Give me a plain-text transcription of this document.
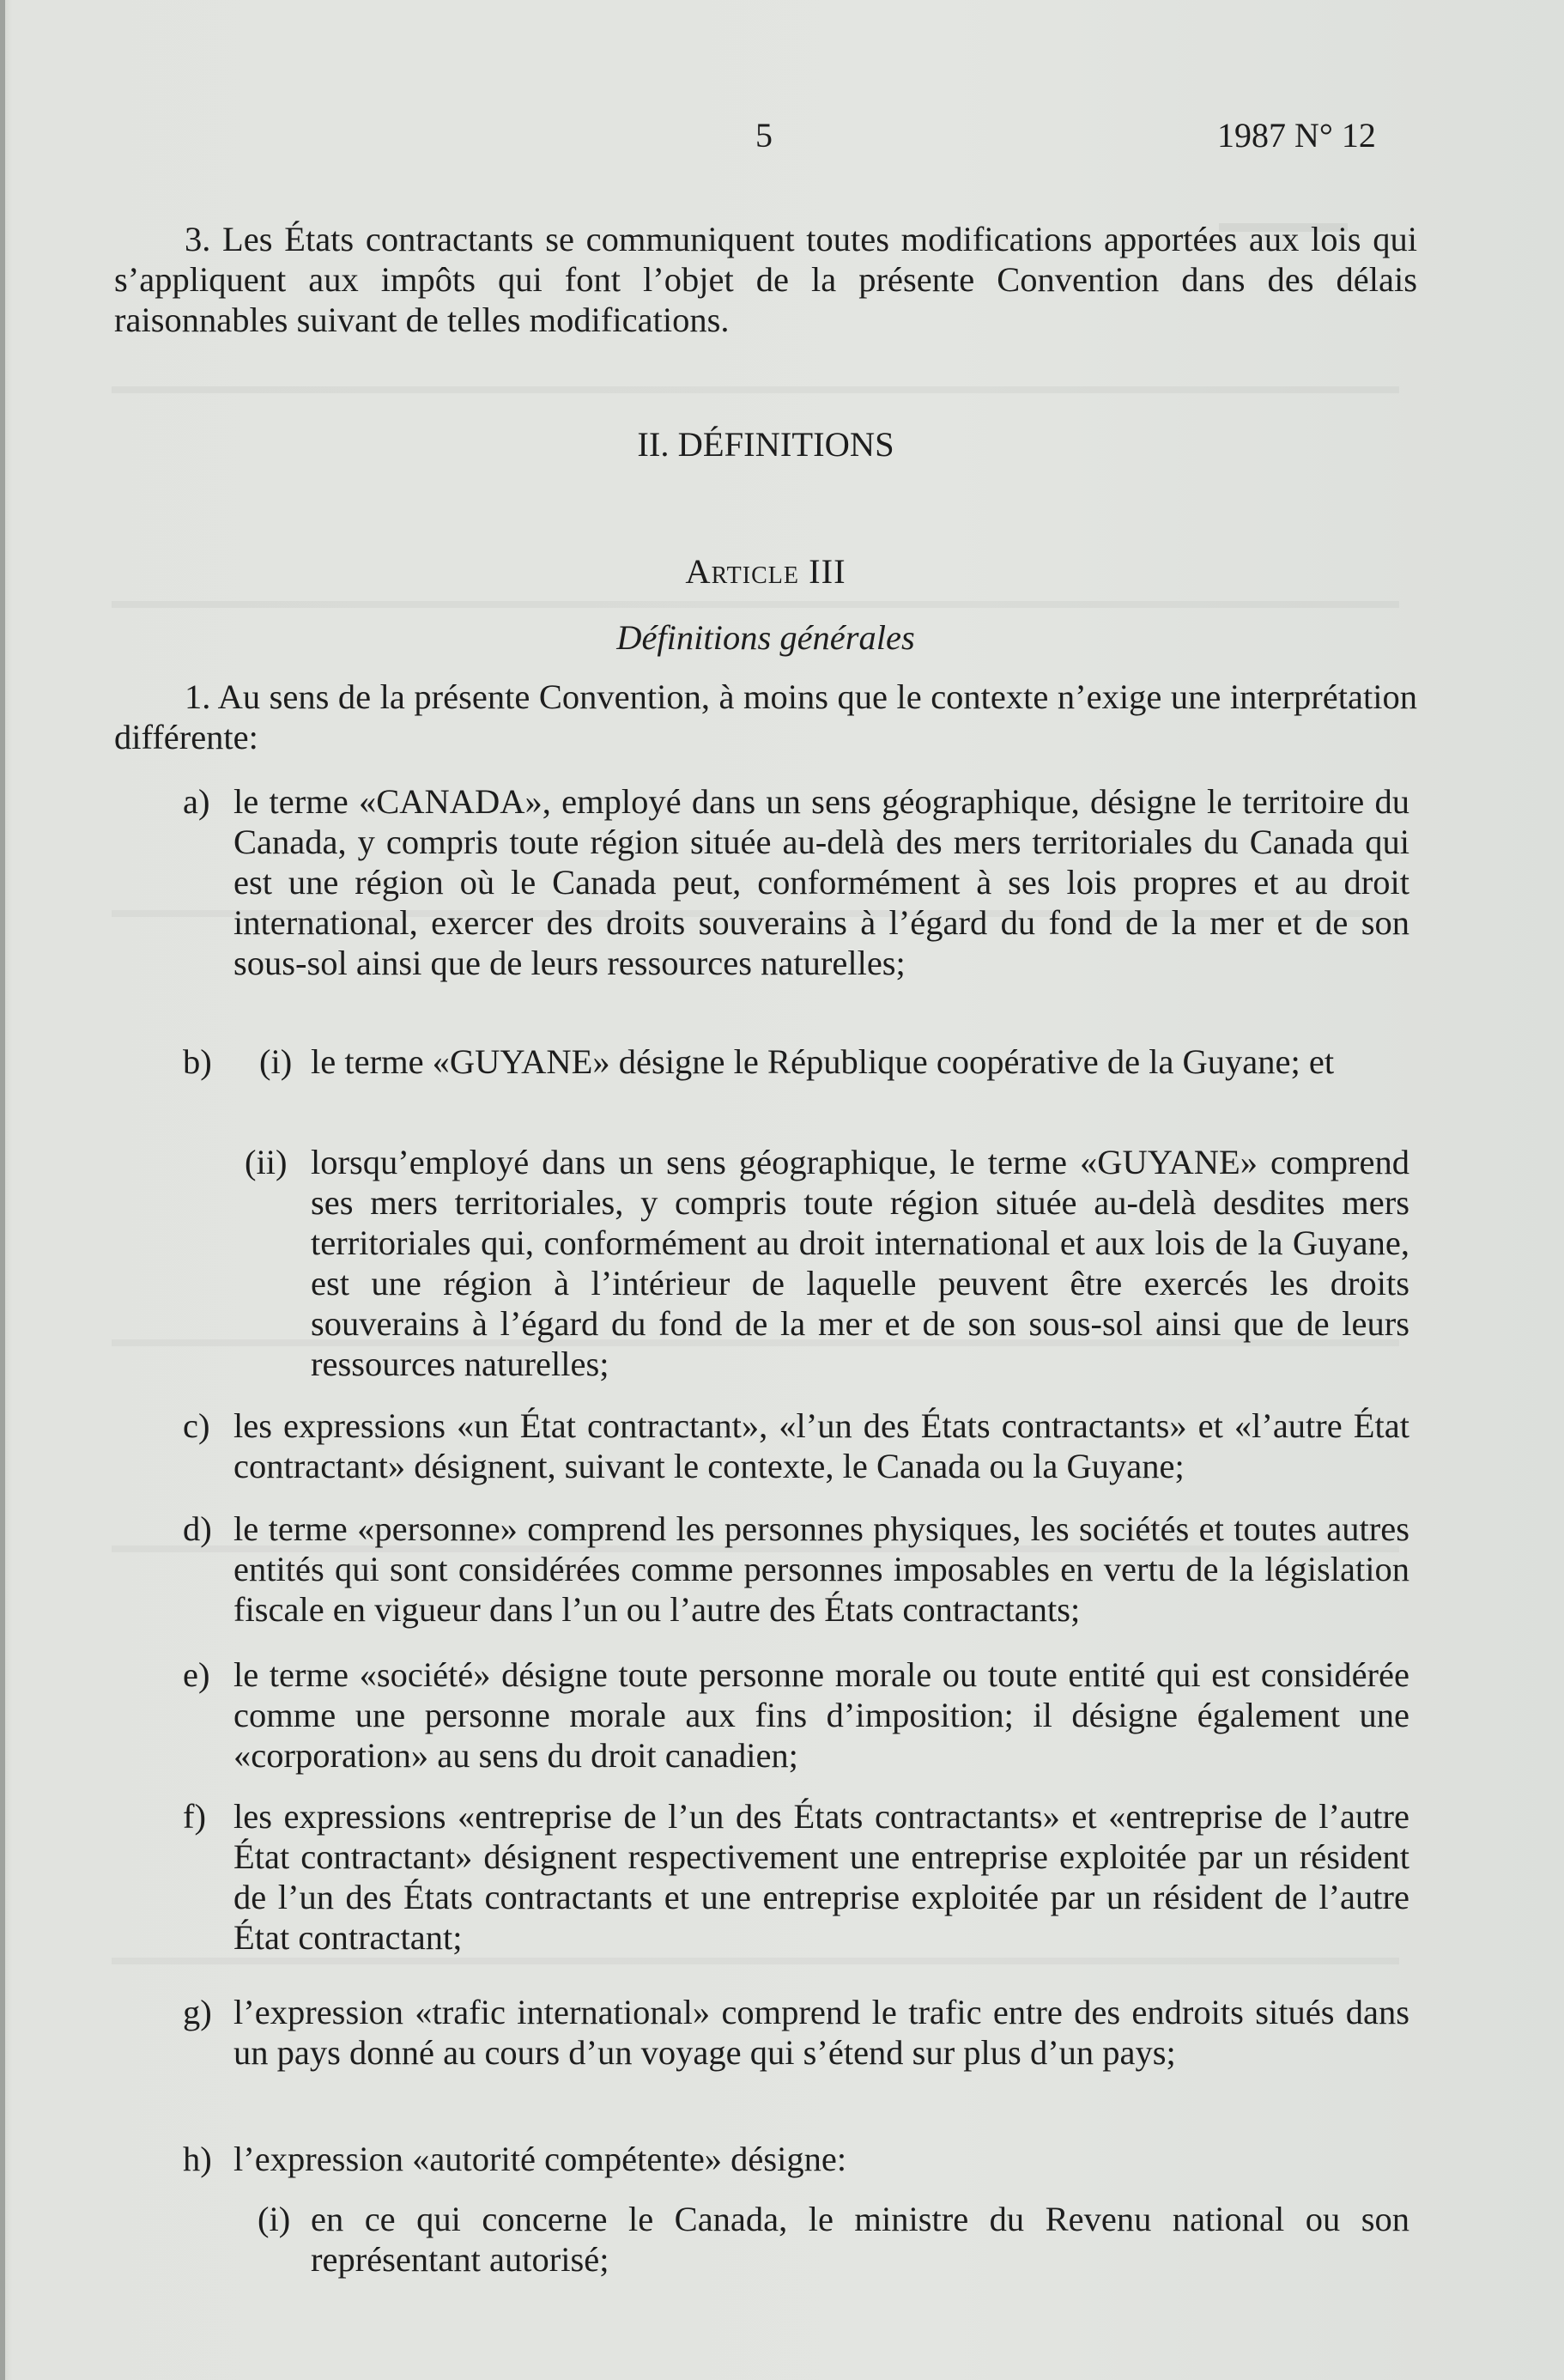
5	1987 N° 12
3. Les États contractants se communiquent toutes modifications apportées aux lois qui s’appliquent aux impôts qui font l’objet de la présente Convention dans des délais raisonnables suivant de telles modifications.
II. DÉFINITIONS
Article III
Définitions générales
1. Au sens de la présente Convention, à moins que le contexte n’exige une interprétation différente:
a) le terme «CANADA», employé dans un sens géographique, désigne le territoire du Canada, y compris toute région située au-delà des mers territoriales du Canada qui est une région où le Canada peut, conformément à ses lois propres et au droit international, exercer des droits souverains à l’égard du fond de la mer et de son sous-sol ainsi que de leurs ressources naturelles;
b) (i) le terme «GUYANE» désigne le République coopérative de la Guyane; et
(ii) lorsqu’employé dans un sens géographique, le terme «GUYANE» comprend ses mers territoriales, y compris toute région située au-delà desdites mers territoriales qui, conformément au droit international et aux lois de la Guyane, est une région à l’intérieur de laquelle peuvent être exercés les droits souverains à l’égard du fond de la mer et de son sous-sol ainsi que de leurs ressources naturelles;
c) les expressions «un État contractant», «l’un des États contractants» et «l’autre État contractant» désignent, suivant le contexte, le Canada ou la Guyane;
d) le terme «personne» comprend les personnes physiques, les sociétés et toutes autres entités qui sont considérées comme personnes imposables en vertu de la législation fiscale en vigueur dans l’un ou l’autre des États contractants;
e) le terme «société» désigne toute personne morale ou toute entité qui est considérée comme une personne morale aux fins d’imposition; il désigne également une «corporation» au sens du droit canadien;
f) les expressions «entreprise de l’un des États contractants» et «entreprise de l’autre État contractant» désignent respectivement une entreprise exploitée par un résident de l’un des États contractants et une entreprise exploitée par un résident de l’autre État contractant;
g) l’expression «trafic international» comprend le trafic entre des endroits situés dans un pays donné au cours d’un voyage qui s’étend sur plus d’un pays;
h) l’expression «autorité compétente» désigne:
(i) en ce qui concerne le Canada, le ministre du Revenu national ou son représentant autorisé;
